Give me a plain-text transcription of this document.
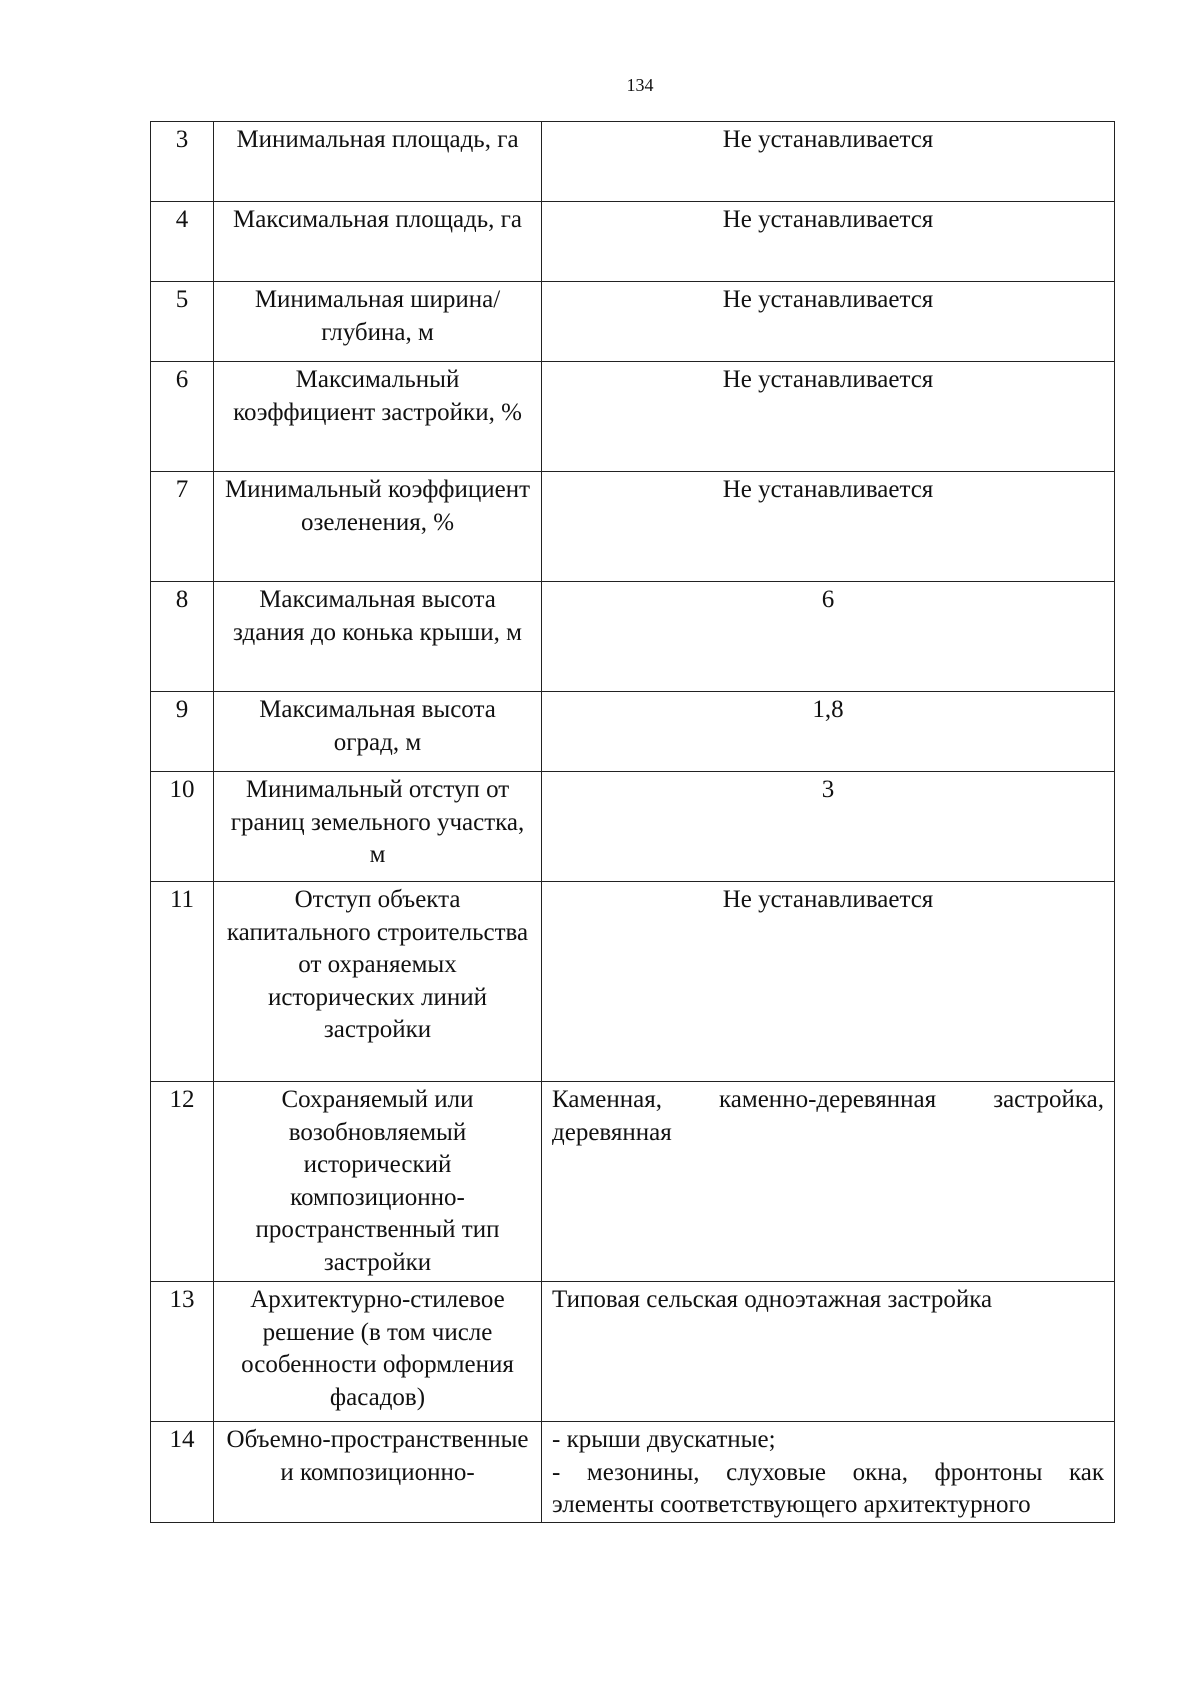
134
3	Минимальная площадь, га	Не устанавливается
4	Максимальная площадь, га	Не устанавливается
5	Минимальная ширина/ глубина, м	Не устанавливается
6	Максимальный коэффициент застройки, %	Не устанавливается
7	Минимальный коэффициент озеленения, %	Не устанавливается
8	Максимальная высота здания до конька крыши, м	6
9	Максимальная высота оград, м	1,8
10	Минимальный отступ от границ земельного участка, м	3
11	Отступ объекта капитального строительства от охраняемых исторических линий застройки	Не устанавливается
12	Сохраняемый или возобновляемый исторический композиционно-пространственный тип застройки	Каменная, каменно-деревянная застройка, деревянная
13	Архитектурно-стилевое решение (в том числе особенности оформления фасадов)	Типовая сельская одноэтажная застройка
14	Объемно-пространственные и композиционно-	- крыши двускатные;
- мезонины, слуховые окна, фронтоны как элементы соответствующего архитектурного
